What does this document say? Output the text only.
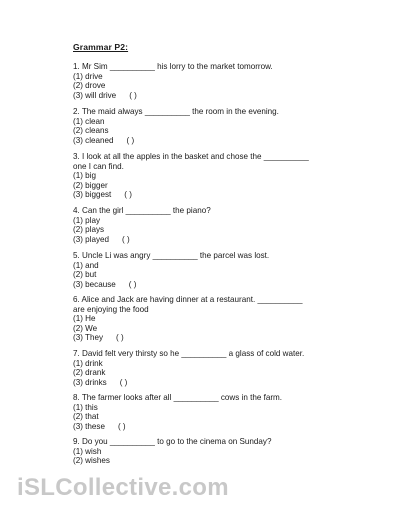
Grammar P2:
1. Mr Sim __________ his lorry to the market tomorrow.
(1) drive
(2) drove
(3) will drive ( )
2. The maid always __________ the room in the evening.
(1) clean
(2) cleans
(3) cleaned ( )
3. I look at all the apples in the basket and chose the __________
one I can find.
(1) big
(2) bigger
(3) biggest ( )
4. Can the girl __________ the piano?
(1) play
(2) plays
(3) played ( )
5. Uncle Li was angry __________ the parcel was lost.
(1) and
(2) but
(3) because ( )
6. Alice and Jack are having dinner at a restaurant. __________
are enjoying the food
(1) He
(2) We
(3) They ( )
7. David felt very thirsty so he __________ a glass of cold water.
(1) drink
(2) drank
(3) drinks ( )
8. The farmer looks after all __________ cows in the farm.
(1) this
(2) that
(3) these ( )
9. Do you __________ to go to the cinema on Sunday?
(1) wish
(2) wishes
iSLCollective.com
